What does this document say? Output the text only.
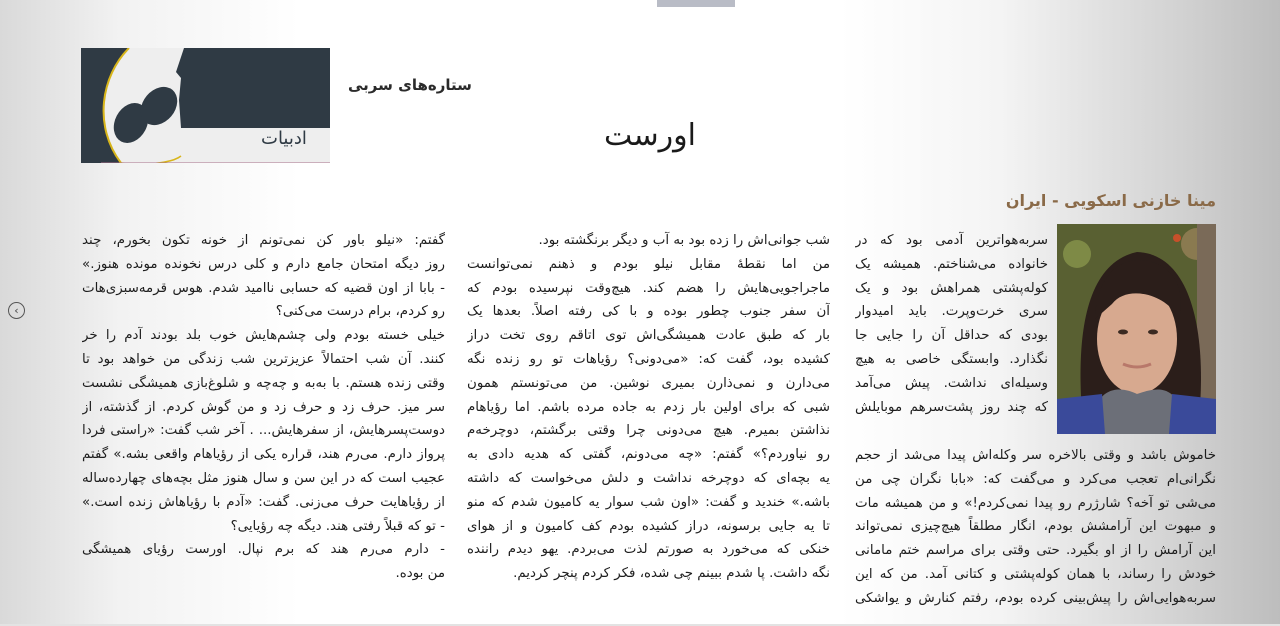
‹
ادبیات
ستاره‌های سربی
اورست
مینا خازنی اسکویی - ایران
سربه‌هواترین آدمی بود که در
خانواده می‌شناختم. همیشه یک
کوله‌پشتی همراهش بود و یک
سری خرت‌وپرت. باید امیدوار
بودی که حداقل آن را جایی جا
نگذارد. وابستگی خاصی به هیچ
وسیله‌ای نداشت. پیش می‌آمد
که چند روز پشت‌سرهم موبایلش
خاموش باشد و وقتی بالاخره سر وکله‌اش پیدا می‌شد از حجم
نگرانی‌ام تعجب می‌کرد و می‌گفت که: «بابا نگران چی من
می‌شی تو آخه؟ شارژرم رو پیدا نمی‌کردم!» و من همیشه مات
و مبهوت این آرامشش بودم، انگار مطلقاً هیچ‌چیزی نمی‌تواند
این آرامش را از او بگیرد. حتی وقتی برای مراسم ختم مامانی
خودش را رساند، با همان کوله‌پشتی و کتانی آمد. من که این
سربه‌هوایی‌اش را پیش‌بینی کرده بودم، رفتم کنارش و یواشکی
شب جوانی‌اش را زده بود به آب و دیگر برنگشته بود.
من اما نقطهٔ مقابل نیلو بودم و ذهنم نمی‌توانست
ماجراجویی‌هایش را هضم کند. هیچ‌وقت نپرسیده بودم که
آن سفر جنوب چطور بوده و با کی رفته اصلاً. بعدها یک
بار که طبق عادت همیشگی‌اش توی اتاقم روی تخت دراز
کشیده بود، گفت که: «می‌دونی؟ رؤیاهات تو رو زنده نگه
می‌دارن و نمی‌ذارن بمیری نوشین. من می‌تونستم همون
شبی که برای اولین بار زدم به جاده مرده باشم. اما رؤیاهام
نذاشتن بمیرم. هیچ می‌دونی چرا وقتی برگشتم، دوچرخه‌م
رو نیاوردم؟» گفتم: «چه می‌دونم، گفتی که هدیه دادی به
یه بچه‌ای که دوچرخه نداشت و دلش می‌خواست که داشته
باشه.» خندید و گفت: «اون شب سوار یه کامیون شدم که منو
تا یه جایی برسونه، دراز کشیده بودم کف کامیون و از هوای
خنکی که می‌خورد به صورتم لذت می‌بردم. یهو دیدم راننده
نگه داشت. پا شدم ببینم چی شده، فکر کردم پنچر کردیم.
گفتم: «نیلو باور کن نمی‌تونم از خونه تکون بخورم، چند
روز دیگه امتحان جامع دارم و کلی درس نخونده مونده هنوز.»
- بابا از اون قضیه که حسابی ناامید شدم. هوس قرمه‌سبزی‌هات
رو کردم، برام درست می‌کنی؟
خیلی خسته بودم ولی چشم‌هایش خوب بلد بودند آدم را خر
کنند. آن شب احتمالاً عزیزترین شب زندگی من خواهد بود تا
وقتی زنده هستم. با به‌به و چه‌چه و شلوغ‌بازی همیشگی نشست
سر میز. حرف زد و حرف زد و من گوش کردم. از گذشته، از
دوست‌پسرهایش، از سفرهایش... . آخر شب گفت: «راستی فردا
پرواز دارم. می‌رم هند، قراره یکی از رؤیاهام واقعی بشه.» گفتم
عجیب است که در این سن و سال هنوز مثل بچه‌های چهارده‌ساله
از رؤیاهایت حرف می‌زنی. گفت: «آدم با رؤیاهاش زنده است.»
- تو که قبلاً رفتی هند. دیگه چه رؤیایی؟
- دارم می‌رم هند که برم نپال. اورست رؤیای همیشگی
من بوده.
